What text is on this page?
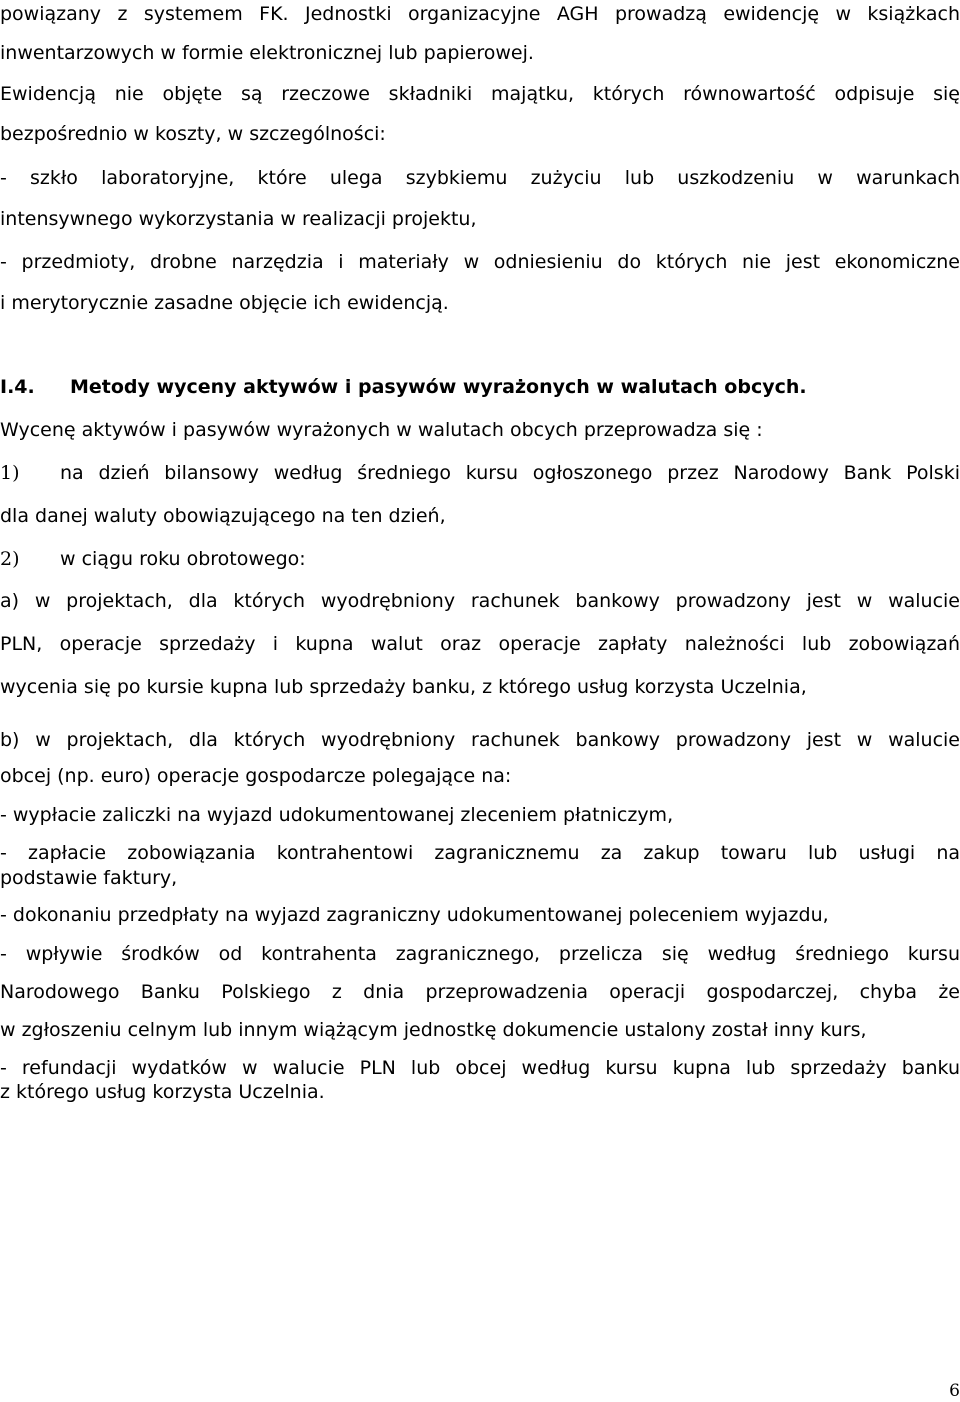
powiązany z systemem FK. Jednostki organizacyjne AGH prowadzą ewidencję w książkach
inwentarzowych w formie elektronicznej lub papierowej.
Ewidencją nie objęte są rzeczowe składniki majątku, których równowartość odpisuje się
bezpośrednio w koszty, w szczególności:
- szkło laboratoryjne, które ulega szybkiemu zużyciu lub uszkodzeniu w warunkach
intensywnego wykorzystania w realizacji projektu,
- przedmioty, drobne narzędzia i materiały w odniesieniu do których nie jest ekonomiczne
i merytorycznie zasadne objęcie ich ewidencją.
I.4. Metody wyceny aktywów i pasywów wyrażonych w walutach obcych.
Wycenę aktywów i pasywów wyrażonych w walutach obcych przeprowadza się :
1)	na dzień bilansowy według średniego kursu ogłoszonego przez Narodowy Bank Polski
dla danej waluty obowiązującego na ten dzień,
2)	w ciągu roku obrotowego:
a) w projektach, dla których wyodrębniony rachunek bankowy prowadzony jest w walucie
PLN, operacje sprzedaży i kupna walut oraz operacje zapłaty należności lub zobowiązań
wycenia się po kursie kupna lub sprzedaży banku, z którego usług korzysta Uczelnia,
b) w projektach, dla których wyodrębniony rachunek bankowy prowadzony jest w walucie
obcej (np. euro) operacje gospodarcze polegające na:
- wypłacie zaliczki na wyjazd udokumentowanej zleceniem płatniczym,
- zapłacie zobowiązania kontrahentowi zagranicznemu za zakup towaru lub usługi na
podstawie faktury,
- dokonaniu przedpłaty na wyjazd zagraniczny udokumentowanej poleceniem wyjazdu,
- wpływie środków od kontrahenta zagranicznego, przelicza się według średniego kursu
Narodowego Banku Polskiego z dnia przeprowadzenia operacji gospodarczej, chyba że
w zgłoszeniu celnym lub innym wiążącym jednostkę dokumencie ustalony został inny kurs,
- refundacji wydatków w walucie PLN lub obcej według kursu kupna lub sprzedaży banku
z którego usług korzysta Uczelnia.
6
